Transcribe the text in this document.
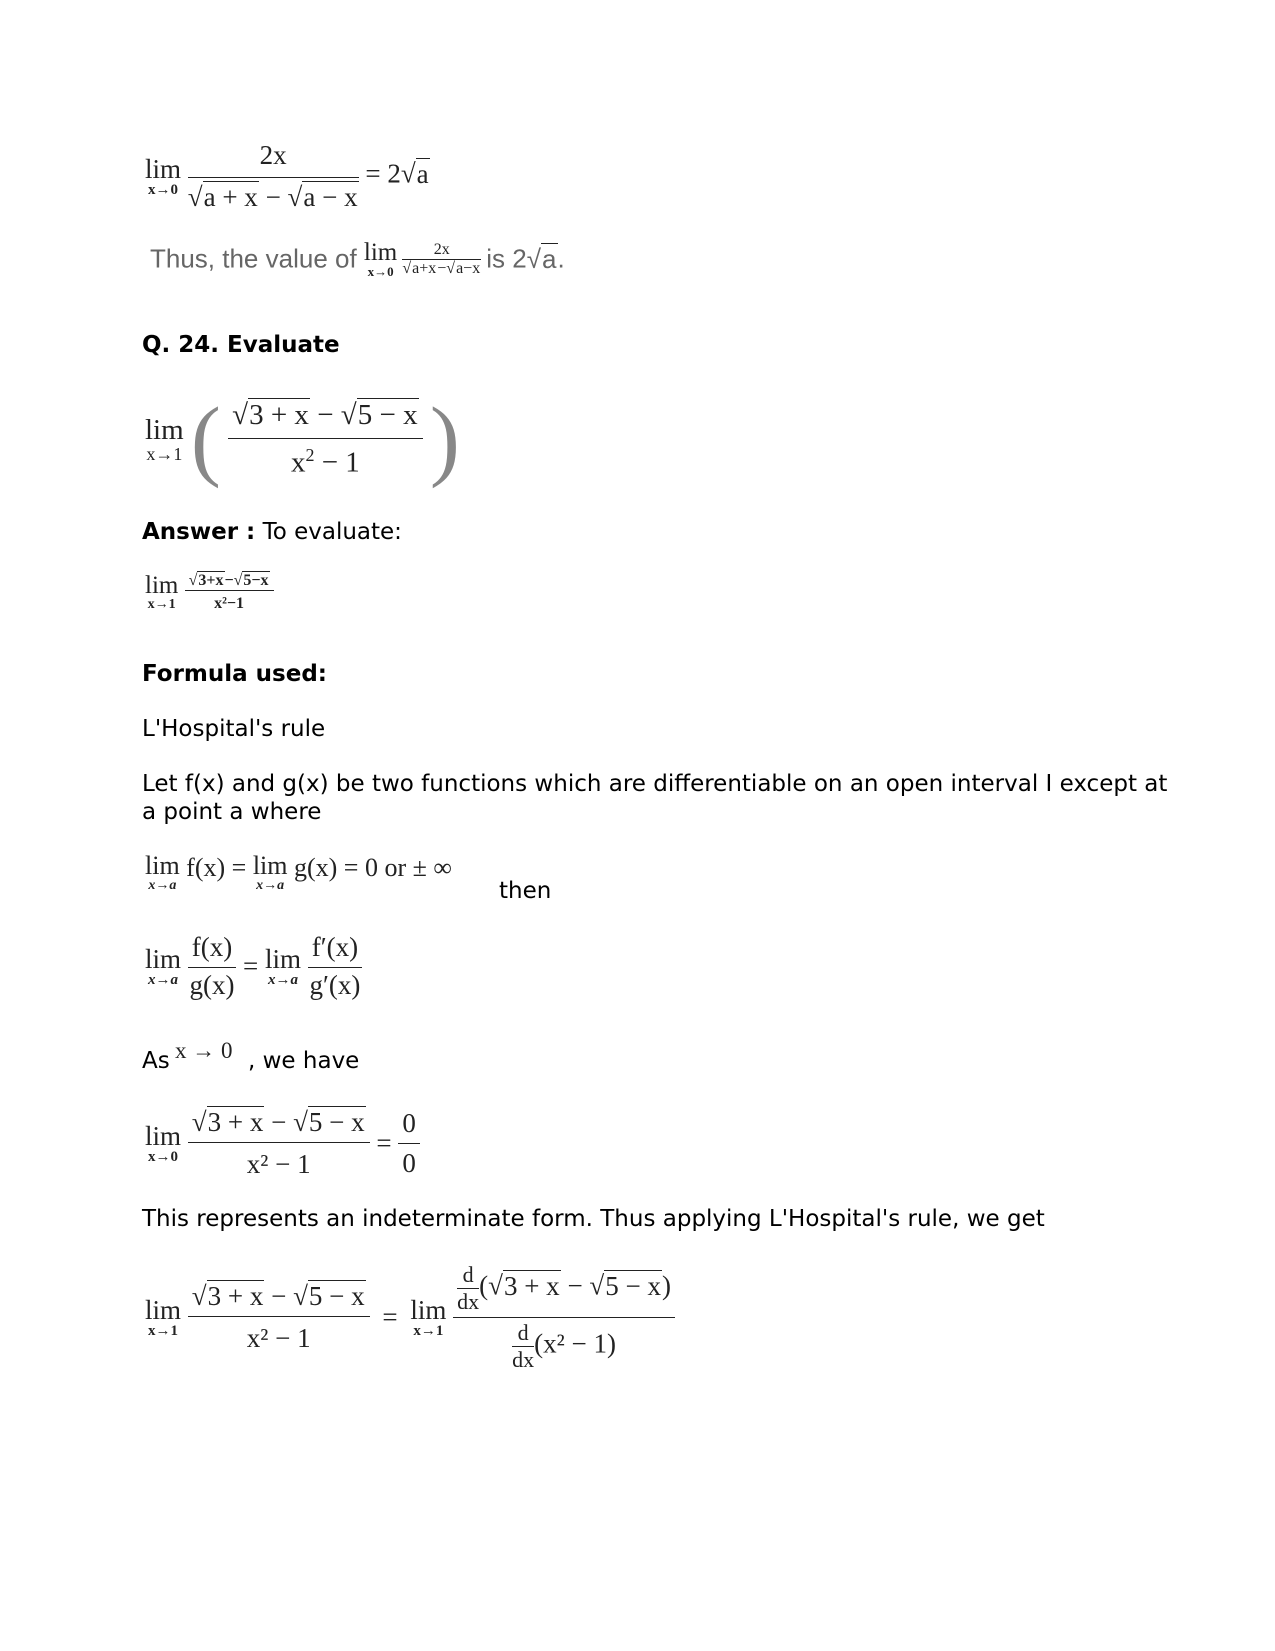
lim
x→0
$\frac{2x}{√a + x - √a - x} = 2√a$
Thus, the value of lim
x→0
$\frac{2x}{√a+x-√a-x}$ is 2√a.
Q. 24. Evaluate
lim
x→1 ( $\frac{√3 + x - √5 - x}{x^2 - 1}$ )
Answer : To evaluate:
lim
x→1
$\frac{√3+x-√5-x}{\text{x²−1}}$
Formula used:
L'Hospital's rule
Let f(x) and g(x) be two functions which are differentiable on an open interval I except at
a point a where
lim
x→a
f(x) = lim
x→a
g(x) = 0 or ± ∞
then
lim
x→a
$\frac{f(x)}{g(x)} = \lim$
x→a
$\frac{f'(x)}{g'(x)}$
As x → 0 , we have
lim
x→0
$\frac{√3 + x - √5 - x}{\text{x² − 1}} = \frac{0}{0}$
This represents an indeterminate form. Thus applying L'Hospital's rule, we get
lim
x→1
$\frac{√3 + x - √5 - x}{\text{x² − 1}} = \lim$
x→1
$\frac{\frac{d}{dx} (√3 + x - √5 - x)}{\frac{d}{dx} (x^2 - 1)}$
